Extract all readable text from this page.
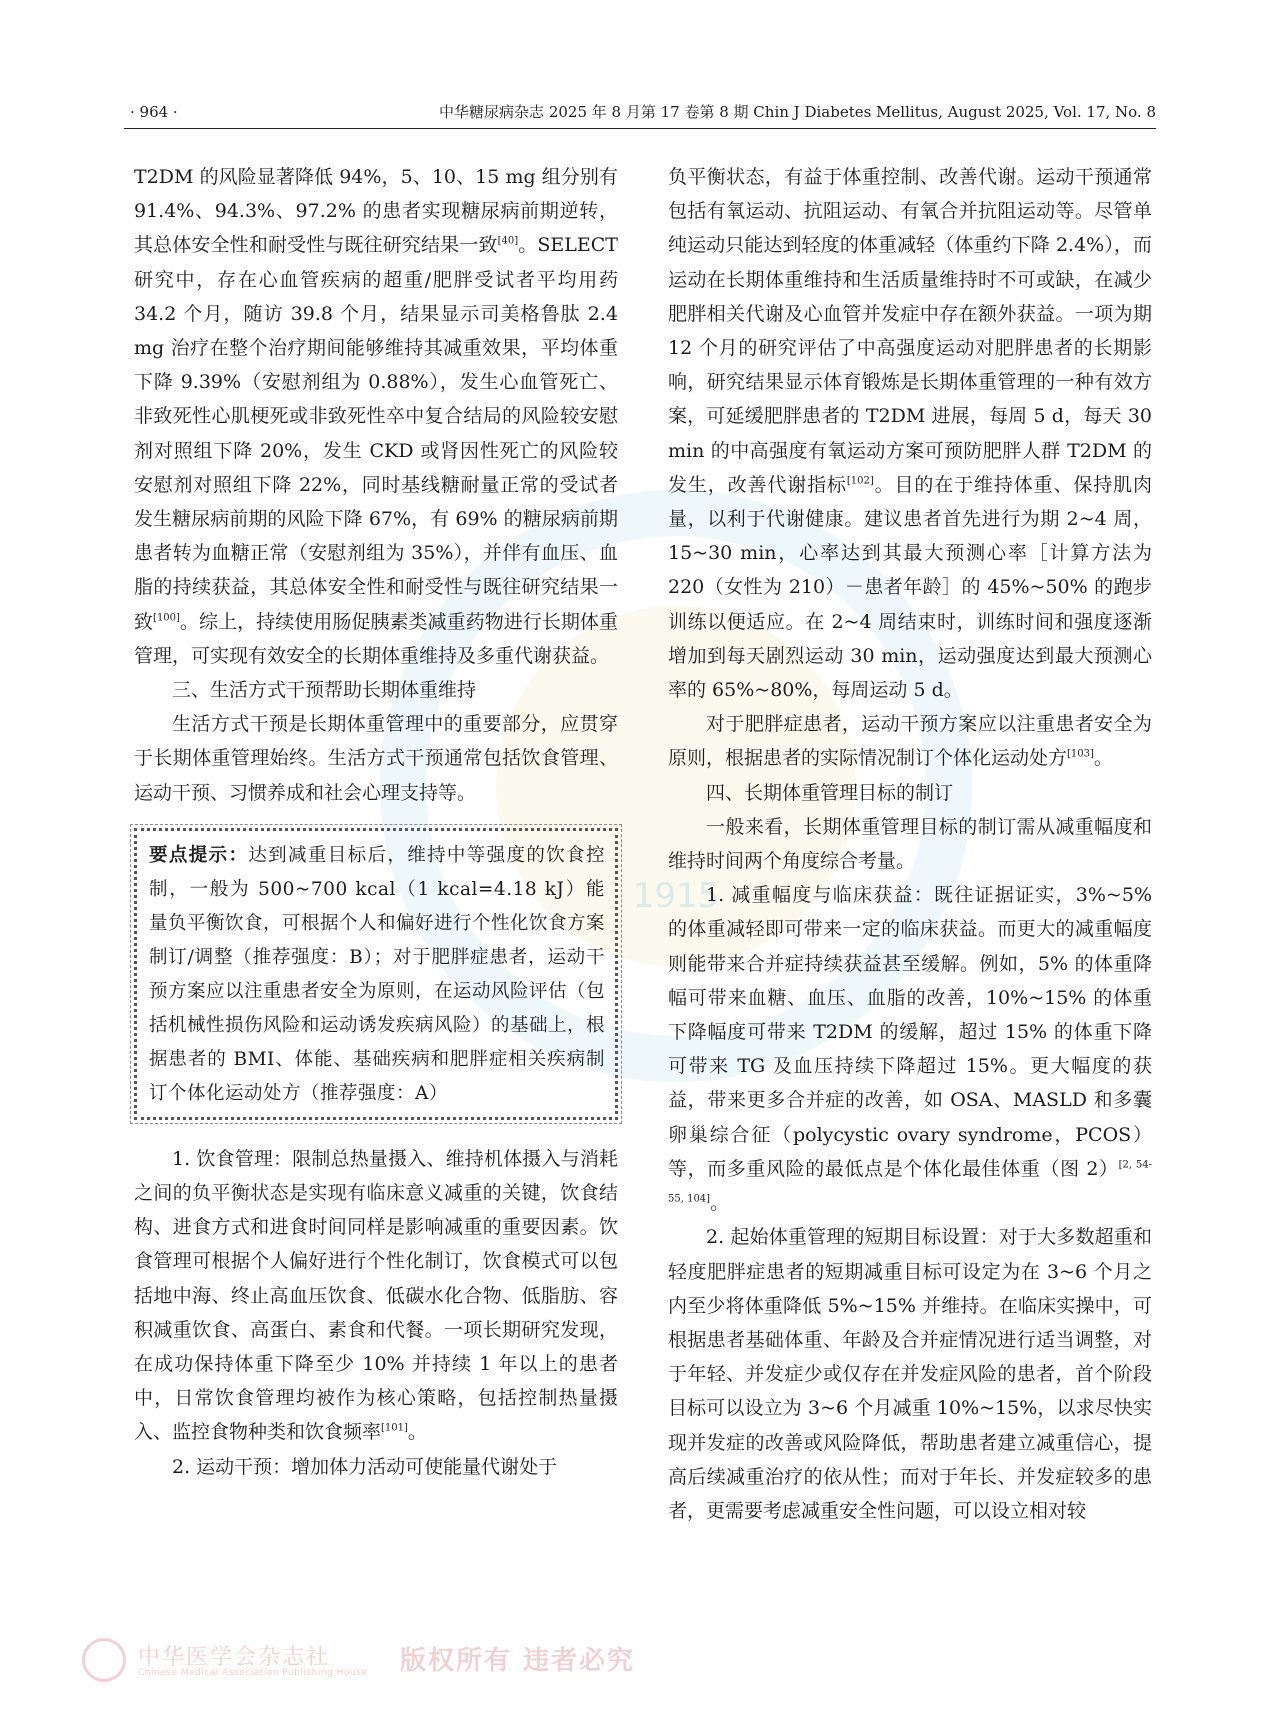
· 964 ·	中华糖尿病杂志 2025 年 8 月第 17 卷第 8 期 Chin J Diabetes Mellitus, August 2025, Vol. 17, No. 8
1915

T2DM 的风险显著降低 94%，5、10、15 mg 组分别有 91.4%、94.3%、97.2% 的患者实现糖尿病前期逆转，其总体安全性和耐受性与既往研究结果一致[40]。SELECT 研究中，存在心血管疾病的超重/肥胖受试者平均用药 34.2 个月，随访 39.8 个月，结果显示司美格鲁肽 2.4 mg 治疗在整个治疗期间能够维持其减重效果，平均体重下降 9.39%（安慰剂组为 0.88%），发生心血管死亡、非致死性心肌梗死或非致死性卒中复合结局的风险较安慰剂对照组下降 20%，发生 CKD 或肾因性死亡的风险较安慰剂对照组下降 22%，同时基线糖耐量正常的受试者发生糖尿病前期的风险下降 67%，有 69% 的糖尿病前期患者转为血糖正常（安慰剂组为 35%），并伴有血压、血脂的持续获益，其总体安全性和耐受性与既往研究结果一致[100]。综上，持续使用肠促胰素类减重药物进行长期体重管理，可实现有效安全的长期体重维持及多重代谢获益。

三、生活方式干预帮助长期体重维持

生活方式干预是长期体重管理中的重要部分，应贯穿于长期体重管理始终。生活方式干预通常包括饮食管理、运动干预、习惯养成和社会心理支持等。

要点提示：达到减重目标后，维持中等强度的饮食控制，一般为 500~700 kcal（1 kcal=4.18 kJ）能量负平衡饮食，可根据个人和偏好进行个性化饮食方案制订/调整（推荐强度：B）；对于肥胖症患者，运动干预方案应以注重患者安全为原则，在运动风险评估（包括机械性损伤风险和运动诱发疾病风险）的基础上，根据患者的 BMI、体能、基础疾病和肥胖症相关疾病制订个体化运动处方（推荐强度：A）

1. 饮食管理：限制总热量摄入、维持机体摄入与消耗之间的负平衡状态是实现有临床意义减重的关键，饮食结构、进食方式和进食时间同样是影响减重的重要因素。饮食管理可根据个人偏好进行个性化制订，饮食模式可以包括地中海、终止高血压饮食、低碳水化合物、低脂肪、容积减重饮食、高蛋白、素食和代餐。一项长期研究发现，在成功保持体重下降至少 10% 并持续 1 年以上的患者中，日常饮食管理均被作为核心策略，包括控制热量摄入、监控食物种类和饮食频率[101]。

2. 运动干预：增加体力活动可使能量代谢处于

负平衡状态，有益于体重控制、改善代谢。运动干预通常包括有氧运动、抗阻运动、有氧合并抗阻运动等。尽管单纯运动只能达到轻度的体重减轻（体重约下降 2.4%），而运动在长期体重维持和生活质量维持时不可或缺，在减少肥胖相关代谢及心血管并发症中存在额外获益。一项为期 12 个月的研究评估了中高强度运动对肥胖患者的长期影响，研究结果显示体育锻炼是长期体重管理的一种有效方案，可延缓肥胖患者的 T2DM 进展，每周 5 d，每天 30 min 的中高强度有氧运动方案可预防肥胖人群 T2DM 的发生，改善代谢指标[102]。目的在于维持体重、保持肌肉量，以利于代谢健康。建议患者首先进行为期 2~4 周，15~30 min，心率达到其最大预测心率［计算方法为 220（女性为 210）－患者年龄］的 45%~50% 的跑步训练以便适应。在 2~4 周结束时，训练时间和强度逐渐增加到每天剧烈运动 30 min，运动强度达到最大预测心率的 65%~80%，每周运动 5 d。

对于肥胖症患者，运动干预方案应以注重患者安全为原则，根据患者的实际情况制订个体化运动处方[103]。

四、长期体重管理目标的制订

一般来看，长期体重管理目标的制订需从减重幅度和维持时间两个角度综合考量。

1. 减重幅度与临床获益：既往证据证实，3%~5% 的体重减轻即可带来一定的临床获益。而更大的减重幅度则能带来合并症持续获益甚至缓解。例如，5% 的体重降幅可带来血糖、血压、血脂的改善，10%~15% 的体重下降幅度可带来 T2DM 的缓解，超过 15% 的体重下降可带来 TG 及血压持续下降超过 15%。更大幅度的获益，带来更多合并症的改善，如 OSA、MASLD 和多囊卵巢综合征（polycystic ovary syndrome，PCOS）等，而多重风险的最低点是个体化最佳体重（图 2）[2, 54-55, 104]。

2. 起始体重管理的短期目标设置：对于大多数超重和轻度肥胖症患者的短期减重目标可设定为在 3~6 个月之内至少将体重降低 5%~15% 并维持。在临床实操中，可根据患者基础体重、年龄及合并症情况进行适当调整，对于年轻、并发症少或仅存在并发症风险的患者，首个阶段目标可以设立为 3~6 个月减重 10%~15%，以求尽快实现并发症的改善或风险降低，帮助患者建立减重信心，提高后续减重治疗的依从性；而对于年长、并发症较多的患者，更需要考虑减重安全性问题，可以设立相对较

中华医学会杂志社
Chinese Medical Association Publishing House 版权所有 违者必究
